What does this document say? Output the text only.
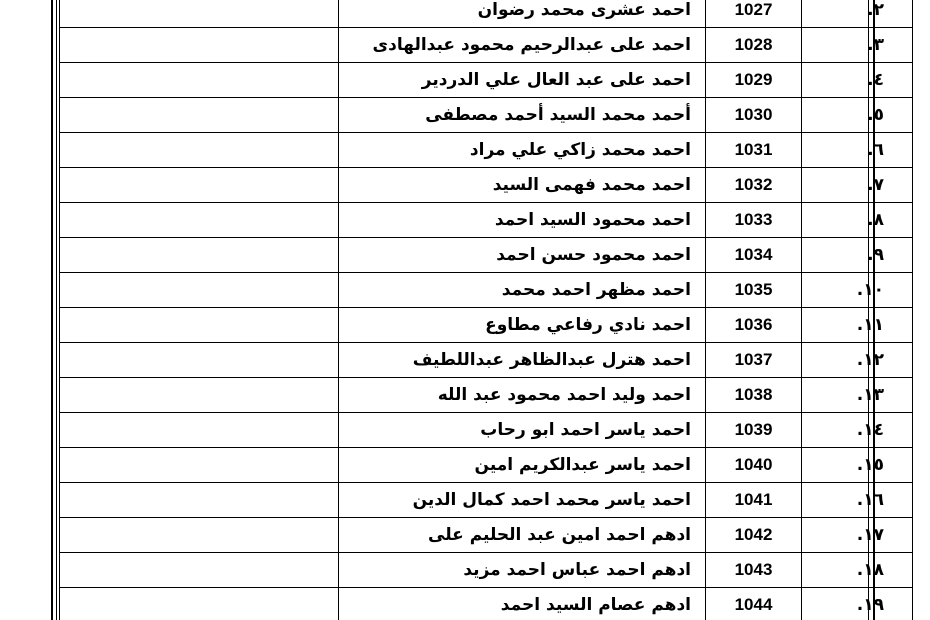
	احمد عشرى محمد رضوان	1027	٢.
	احمد على عبدالرحيم محمود عبدالهادى	1028	٣.
	احمد على عبد العال علي الدردير	1029	٤.
	أحمد محمد السيد أحمد مصطفى	1030	٥.
	احمد محمد زاكي علي مراد	1031	٦.
	احمد محمد فهمى السيد	1032	٧.
	احمد محمود السيد احمد	1033	٨.
	احمد محمود حسن احمد	1034	٩.
	احمد مظهر احمد محمد	1035	١٠.
	احمد نادي رفاعي مطاوع	1036	١١.
	احمد هترل عبدالظاهر عبداللطيف	1037	١٢.
	احمد وليد احمد محمود عبد الله	1038	١٣.
	احمد ياسر احمد ابو رحاب	1039	١٤.
	احمد ياسر عبدالكريم امين	1040	١٥.
	احمد ياسر محمد احمد كمال الدين	1041	١٦.
	ادهم احمد امين عبد الحليم على	1042	١٧.
	ادهم احمد عباس احمد مزيد	1043	١٨.
	ادهم عصام السيد احمد	1044	١٩.
